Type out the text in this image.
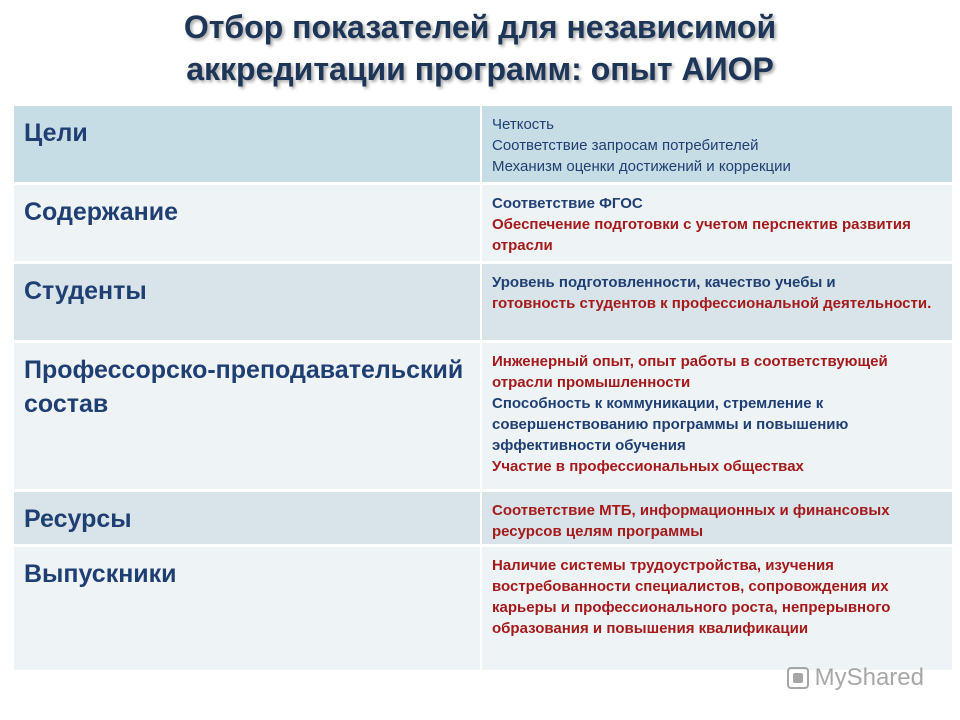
Отбор показателей для независимой
аккредитации программ: опыт АИОР
Цели	Четкость
Соответствие запросам потребителей
Механизм оценки достижений и коррекции

Содержание	Соответствие ФГОС
Обеспечение подготовки с учетом перспектив развития отрасли

Студенты	Уровень подготовленности, качество учебы и
готовность студентов к профессиональной деятельности.

Профессорско-преподавательский состав	Инженерный опыт, опыт работы в соответствующей отрасли промышленности
Способность к коммуникации, стремление к совершенствованию программы и повышению эффективности обучения
Участие в профессиональных обществах

Ресурсы	Соответствие МТБ, информационных и финансовых ресурсов целям программы

Выпускники	Наличие системы трудоустройства, изучения востребованности специалистов, сопровождения их карьеры и профессионального роста, непрерывного образования и повышения квалификации
MyShared
